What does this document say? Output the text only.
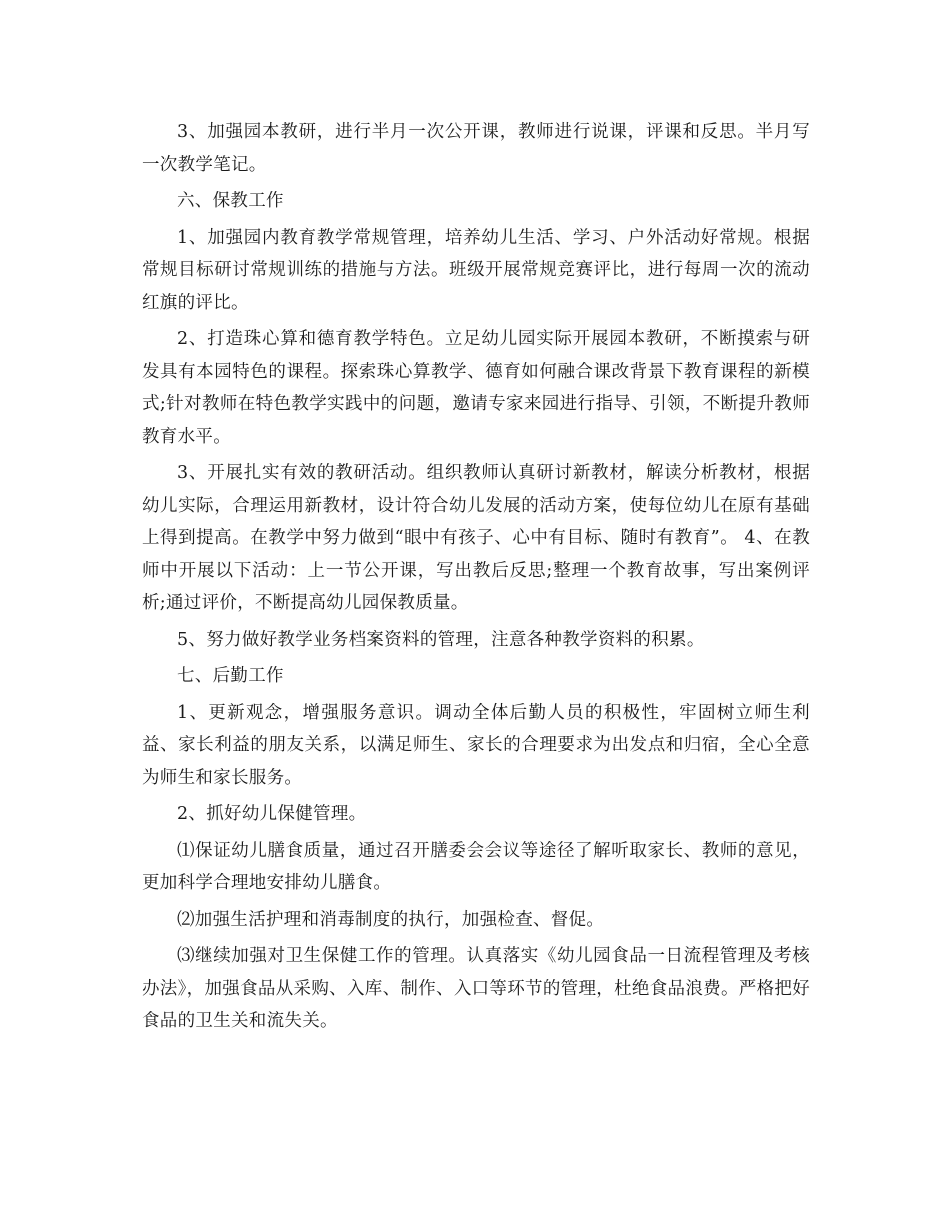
3、加强园本教研，进行半月一次公开课，教师进行说课，评课和反思。半月写一次教学笔记。

六、保教工作

1、加强园内教育教学常规管理，培养幼儿生活、学习、户外活动好常规。根据常规目标研讨常规训练的措施与方法。班级开展常规竞赛评比，进行每周一次的流动红旗的评比。

2、打造珠心算和德育教学特色。立足幼儿园实际开展园本教研，不断摸索与研发具有本园特色的课程。探索珠心算教学、德育如何融合课改背景下教育课程的新模式;针对教师在特色教学实践中的问题，邀请专家来园进行指导、引领，不断提升教师教育水平。

3、开展扎实有效的教研活动。组织教师认真研讨新教材，解读分析教材，根据幼儿实际，合理运用新教材，设计符合幼儿发展的活动方案，使每位幼儿在原有基础上得到提高。在教学中努力做到“眼中有孩子、心中有目标、随时有教育”。 4、在教师中开展以下活动：上一节公开课，写出教后反思;整理一个教育故事，写出案例评析;通过评价，不断提高幼儿园保教质量。

5、努力做好教学业务档案资料的管理，注意各种教学资料的积累。

七、后勤工作

1、更新观念，增强服务意识。调动全体后勤人员的积极性，牢固树立师生利益、家长利益的朋友关系，以满足师生、家长的合理要求为出发点和归宿，全心全意为师生和家长服务。

2、抓好幼儿保健管理。

⑴保证幼儿膳食质量，通过召开膳委会会议等途径了解听取家长、教师的意见，更加科学合理地安排幼儿膳食。

⑵加强生活护理和消毒制度的执行，加强检查、督促。

⑶继续加强对卫生保健工作的管理。认真落实《幼儿园食品一日流程管理及考核办法》，加强食品从采购、入库、制作、入口等环节的管理，杜绝食品浪费。严格把好食品的卫生关和流失关。
